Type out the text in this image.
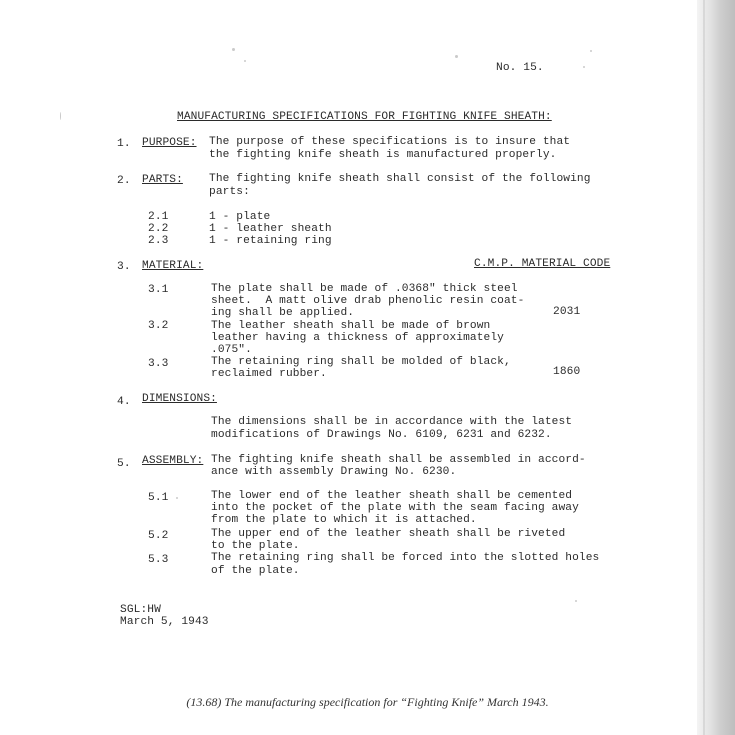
No. 15.
MANUFACTURING SPECIFICATIONS FOR FIGHTING KNIFE SHEATH:
1. PURPOSE: The purpose of these specifications is to insure that
the fighting knife sheath is manufactured properly.
2. PARTS: The fighting knife sheath shall consist of the following
parts:
2.1	1 - plate
2.2	1 - leather sheath
2.3	1 - retaining ring
3. MATERIAL:	C.M.P. MATERIAL CODE
3.1	The plate shall be made of .0368" thick steel
sheet.  A matt olive drab phenolic resin coat-
ing shall be applied.	2031
3.2	The leather sheath shall be made of brown
leather having a thickness of approximately
.075".
3.3	The retaining ring shall be molded of black,
reclaimed rubber.	1860
4. DIMENSIONS:
The dimensions shall be in accordance with the latest
modifications of Drawings No. 6109, 6231 and 6232.
5. ASSEMBLY: The fighting knife sheath shall be assembled in accord-
ance with assembly Drawing No. 6230.
5.1	The lower end of the leather sheath shall be cemented
into the pocket of the plate with the seam facing away
from the plate to which it is attached.
5.2	The upper end of the leather sheath shall be riveted
to the plate.
5.3	The retaining ring shall be forced into the slotted holes
of the plate.
SGL:HW
March 5, 1943
(13.68) The manufacturing specification for “Fighting Knife” March 1943.
